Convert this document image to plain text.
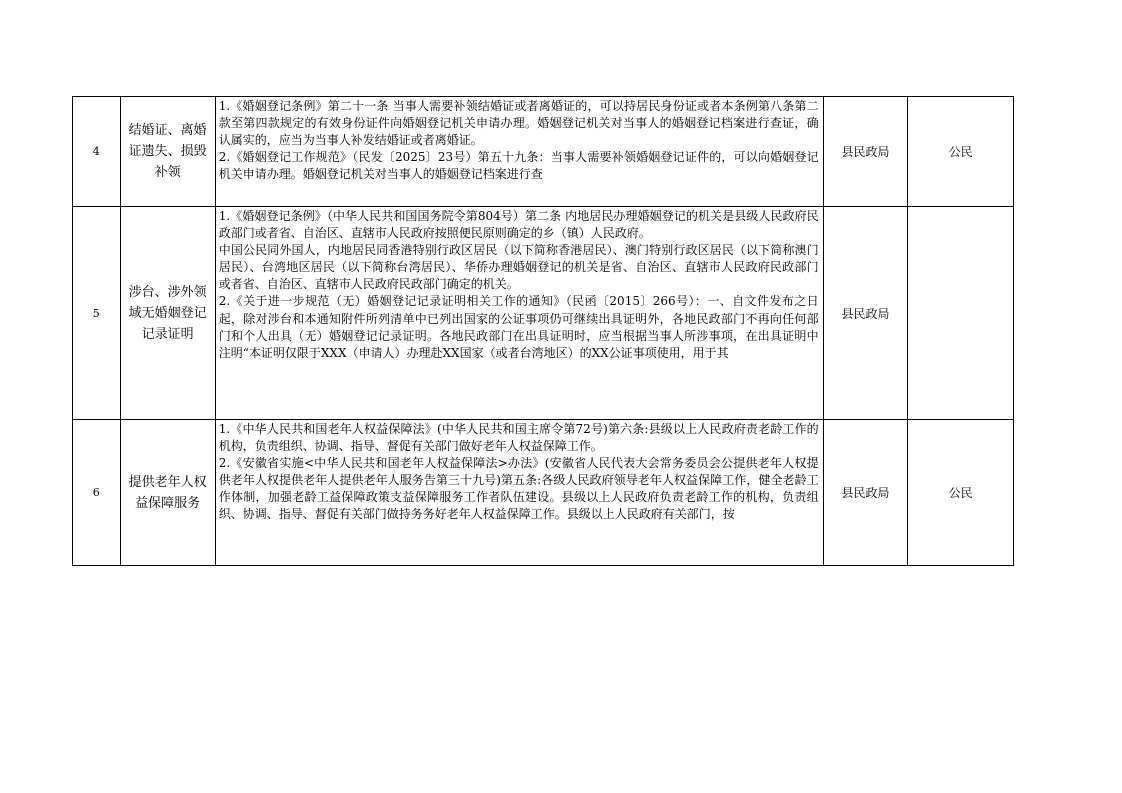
4	结婚证、离婚证遗失、损毁补领	1.《婚姻登记条例》第二十一条 当事人需要补领结婚证或者离婚证的，可以持居民身份证或者本条例第八条第二款至第四款规定的有效身份证件向婚姻登记机关申请办理。婚姻登记机关对当事人的婚姻登记档案进行查证，确认属实的，应当为当事人补发结婚证或者离婚证。

2.《婚姻登记工作规范》（民发〔2025〕23号）第五十九条：当事人需要补领婚姻登记证件的，可以向婚姻登记机关申请办理。婚姻登记机关对当事人的婚姻登记档案进行查	县民政局	公民
5	涉台、涉外领域无婚姻登记记录证明	1.《婚姻登记条例》（中华人民共和国国务院令第804号）第二条 内地居民办理婚姻登记的机关是县级人民政府民政部门或者省、自治区、直辖市人民政府按照便民原则确定的乡（镇）人民政府。

中国公民同外国人，内地居民同香港特别行政区居民（以下简称香港居民）、澳门特别行政区居民（以下简称澳门居民）、台湾地区居民（以下简称台湾居民）、华侨办理婚姻登记的机关是省、自治区、直辖市人民政府民政部门或者省、自治区、直辖市人民政府民政部门确定的机关。

2.《关于进一步规范（无）婚姻登记记录证明相关工作的通知》（民函〔2015〕266号）：一、自文件发布之日起，除对涉台和本通知附件所列清单中已列出国家的公证事项仍可继续出具证明外，各地民政部门不再向任何部门和个人出具（无）婚姻登记记录证明。各地民政部门在出具证明时，应当根据当事人所涉事项，在出具证明中注明“本证明仅限于XXX（申请人）办理赴XX国家（或者台湾地区）的XX公证事项使用，用于其	县民政局	
6	提供老年人权益保障服务	1.《中华人民共和国老年人权益保障法》(中华人民共和国主席令第72号)第六条:县级以上人民政府责老龄工作的机构，负责组织、协调、指导、督促有关部门做好老年人权益保障工作。

2.《安徽省实施<中华人民共和国老年人权益保障法>办法》(安徽省人民代表大会常务委员会公提供老年人权提供老年人权提供老年人提供老年人服务告第三十九号)第五条:各级人民政府领导老年人权益保障工作，健全老龄工作体制，加强老龄工益保障政策支益保障服务工作者队伍建设。县级以上人民政府负责老龄工作的机构，负责组织、协调、指导、督促有关部门做持务务好老年人权益保障工作。县级以上人民政府有关部门，按	县民政局	公民
